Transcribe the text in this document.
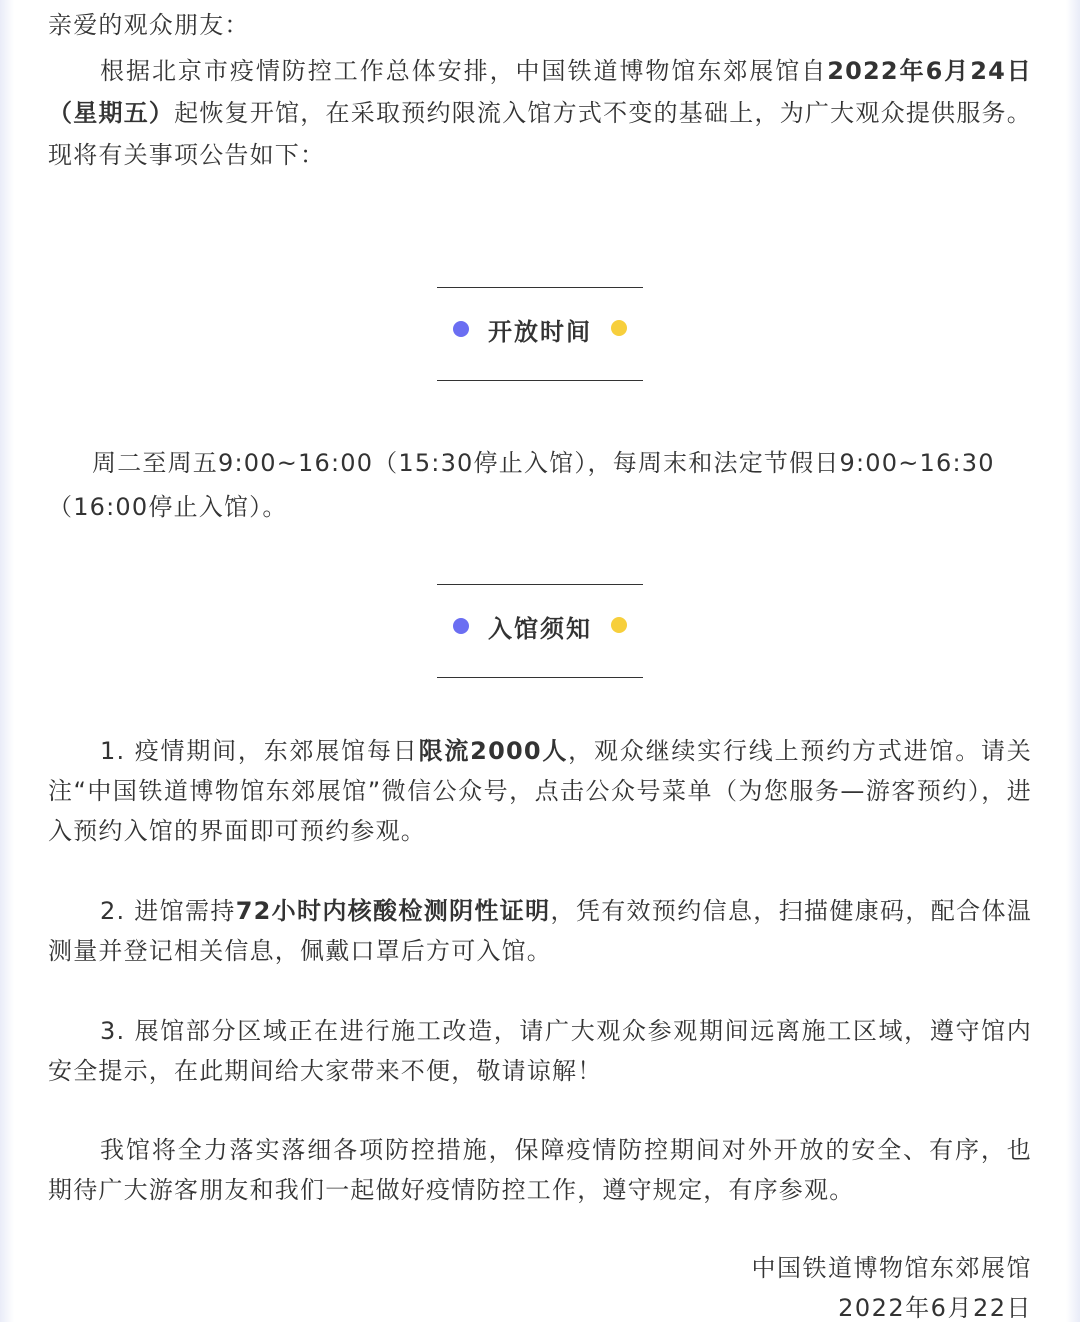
亲爱的观众朋友：

根据北京市疫情防控工作总体安排，中国铁道博物馆东郊展馆自2022年6月24日（星期五）起恢复开馆，在采取预约限流入馆方式不变的基础上，为广大观众提供服务。现将有关事项公告如下：

开放时间
周二至周五9:00~16:00（15:30停止入馆），每周末和法定节假日9:00~16:30
（16:00停止入馆）。
入馆须知

1. 疫情期间，东郊展馆每日限流2000人，观众继续实行线上预约方式进馆。请关注“中国铁道博物馆东郊展馆”微信公众号，点击公众号菜单（为您服务—游客预约），进入预约入馆的界面即可预约参观。

2. 进馆需持72小时内核酸检测阴性证明，凭有效预约信息，扫描健康码，配合体温测量并登记相关信息，佩戴口罩后方可入馆。

3. 展馆部分区域正在进行施工改造，请广大观众参观期间远离施工区域，遵守馆内安全提示，在此期间给大家带来不便，敬请谅解！

我馆将全力落实落细各项防控措施，保障疫情防控期间对外开放的安全、有序，也期待广大游客朋友和我们一起做好疫情防控工作，遵守规定，有序参观。

中国铁道博物馆东郊展馆
2022年6月22日
